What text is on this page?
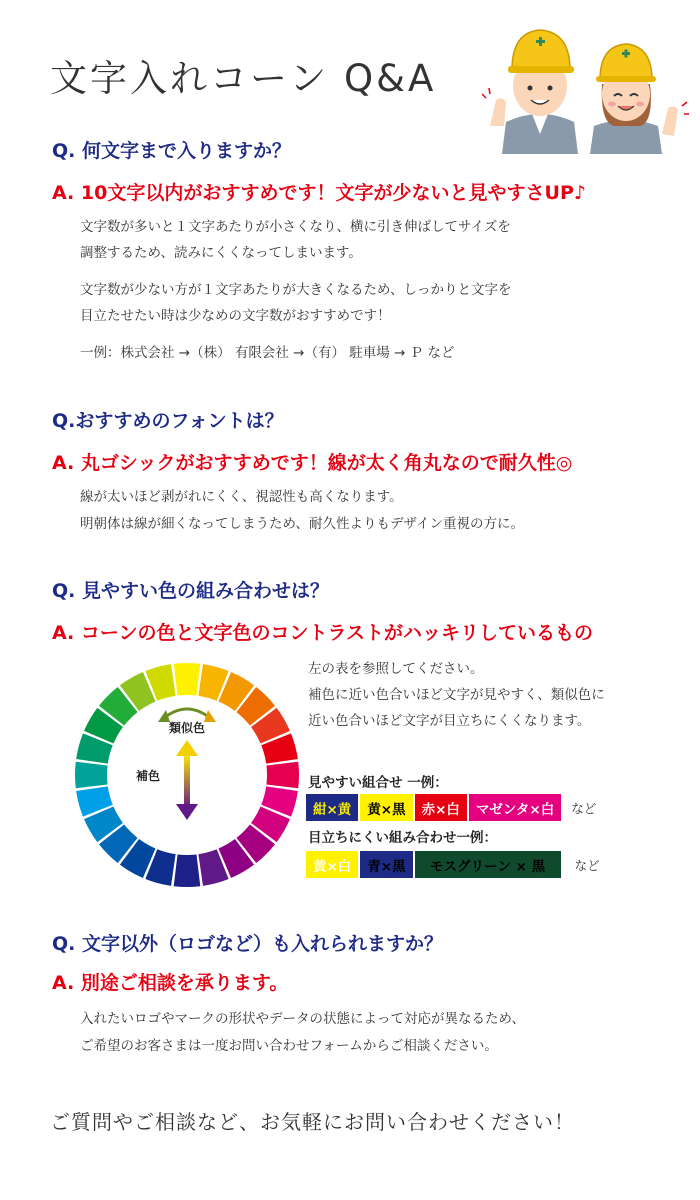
文字入れコーン Q&A
Q. 何文字まで入りますか？
A. 10文字以内がおすすめです！文字が少ないと見やすさUP♪
文字数が多いと１文字あたりが小さくなり、横に引き伸ばしてサイズを
調整するため、読みにくくなってしまいます。
文字数が少ない方が１文字あたりが大きくなるため、しっかりと文字を
目立たせたい時は少なめの文字数がおすすめです！
一例：株式会社 →（株） 有限会社 →（有） 駐車場 → Ｐ など
Q.おすすめのフォントは？
A. 丸ゴシックがおすすめです！線が太く角丸なので耐久性◎
線が太いほど剥がれにくく、視認性も高くなります。
明朝体は線が細くなってしまうため、耐久性よりもデザイン重視の方に。
Q. 見やすい色の組み合わせは？
A. コーンの色と文字色のコントラストがハッキリしているもの
類似色
補色
左の表を参照してください。
補色に近い色合いほど文字が見やすく、類似色に
近い色合いほど文字が目立ちにくくなります。
見やすい組合せ 一例：
紺×黄	黄×黒	赤×白	マゼンタ×白	など
目立ちにくい組み合わせ一例：
黄×白	青×黒	モスグリーン × 黒	など
Q. 文字以外（ロゴなど）も入れられますか？
A. 別途ご相談を承ります。
入れたいロゴやマークの形状やデータの状態によって対応が異なるため、
ご希望のお客さまは一度お問い合わせフォームからご相談ください。
ご質問やご相談など、お気軽にお問い合わせください！
